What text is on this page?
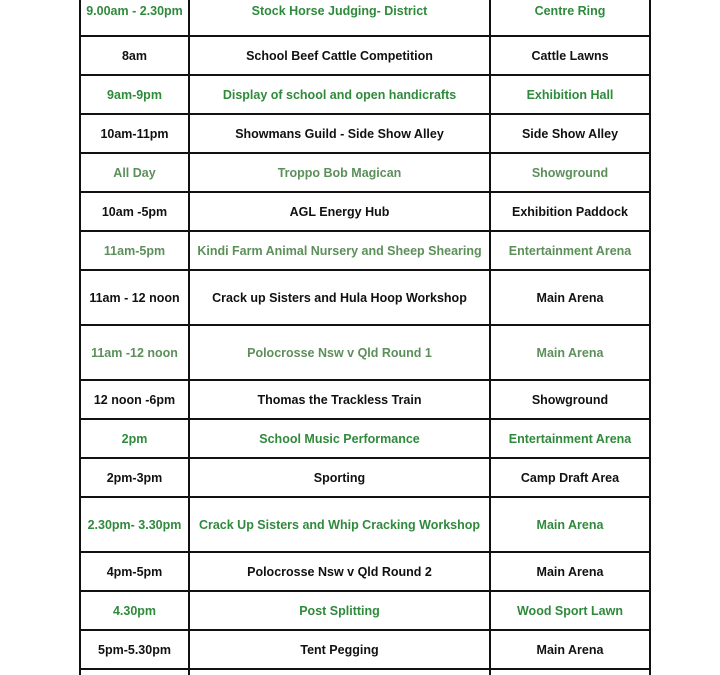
9.00am - 2.30pm	Stock Horse Judging- District	Centre Ring
8am	School Beef Cattle Competition	Cattle Lawns
9am-9pm	Display of school and open handicrafts	Exhibition Hall
10am-11pm	Showmans Guild - Side Show Alley	Side Show Alley
All Day	Troppo Bob Magican	Showground
10am -5pm	AGL Energy Hub	Exhibition Paddock
11am-5pm	Kindi Farm Animal Nursery and Sheep Shearing	Entertainment Arena
11am - 12 noon	Crack up Sisters and Hula Hoop Workshop	Main Arena
11am -12 noon	Polocrosse Nsw v Qld Round 1	Main Arena
12 noon -6pm	Thomas the Trackless Train	Showground
2pm	School Music Performance	Entertainment Arena
2pm-3pm	Sporting	Camp Draft Area
2.30pm- 3.30pm	Crack Up Sisters and Whip Cracking Workshop	Main Arena
4pm-5pm	Polocrosse Nsw v Qld Round 2	Main Arena
4.30pm	Post Splitting	Wood Sport Lawn
5pm-5.30pm	Tent Pegging	Main Arena
